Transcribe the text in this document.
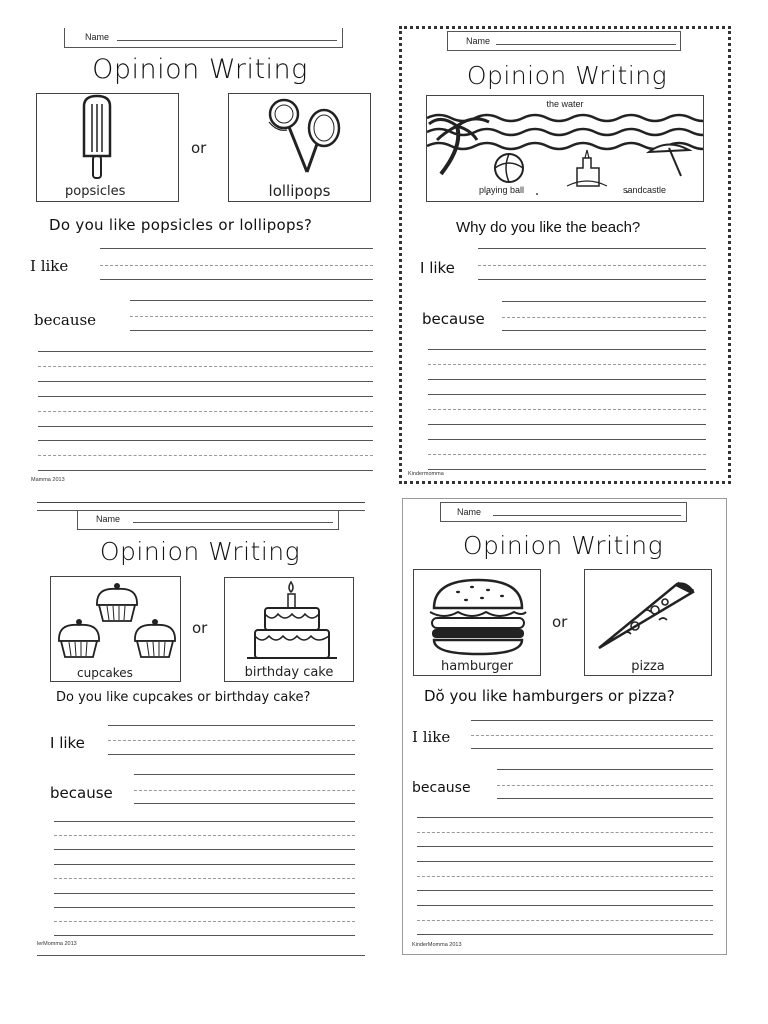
Name
Opinion Writing
popsicles
or
lollipops
Do you like popsicles or lollipops?
I like
because
Mamma 2013
Name
Opinion Writing
the water
playing ball	sandcastle
Why do you like the beach?
I like
because
Kindermomma
Name
Opinion Writing
cupcakes
or
birthday cake
Do you like cupcakes or birthday cake?
I like
because
lerMomma 2013
Name
Opinion Writing
hamburger
or
pizza
Dŏ you like hamburgers or pizza?
I like
because
KinderMomma 2013
